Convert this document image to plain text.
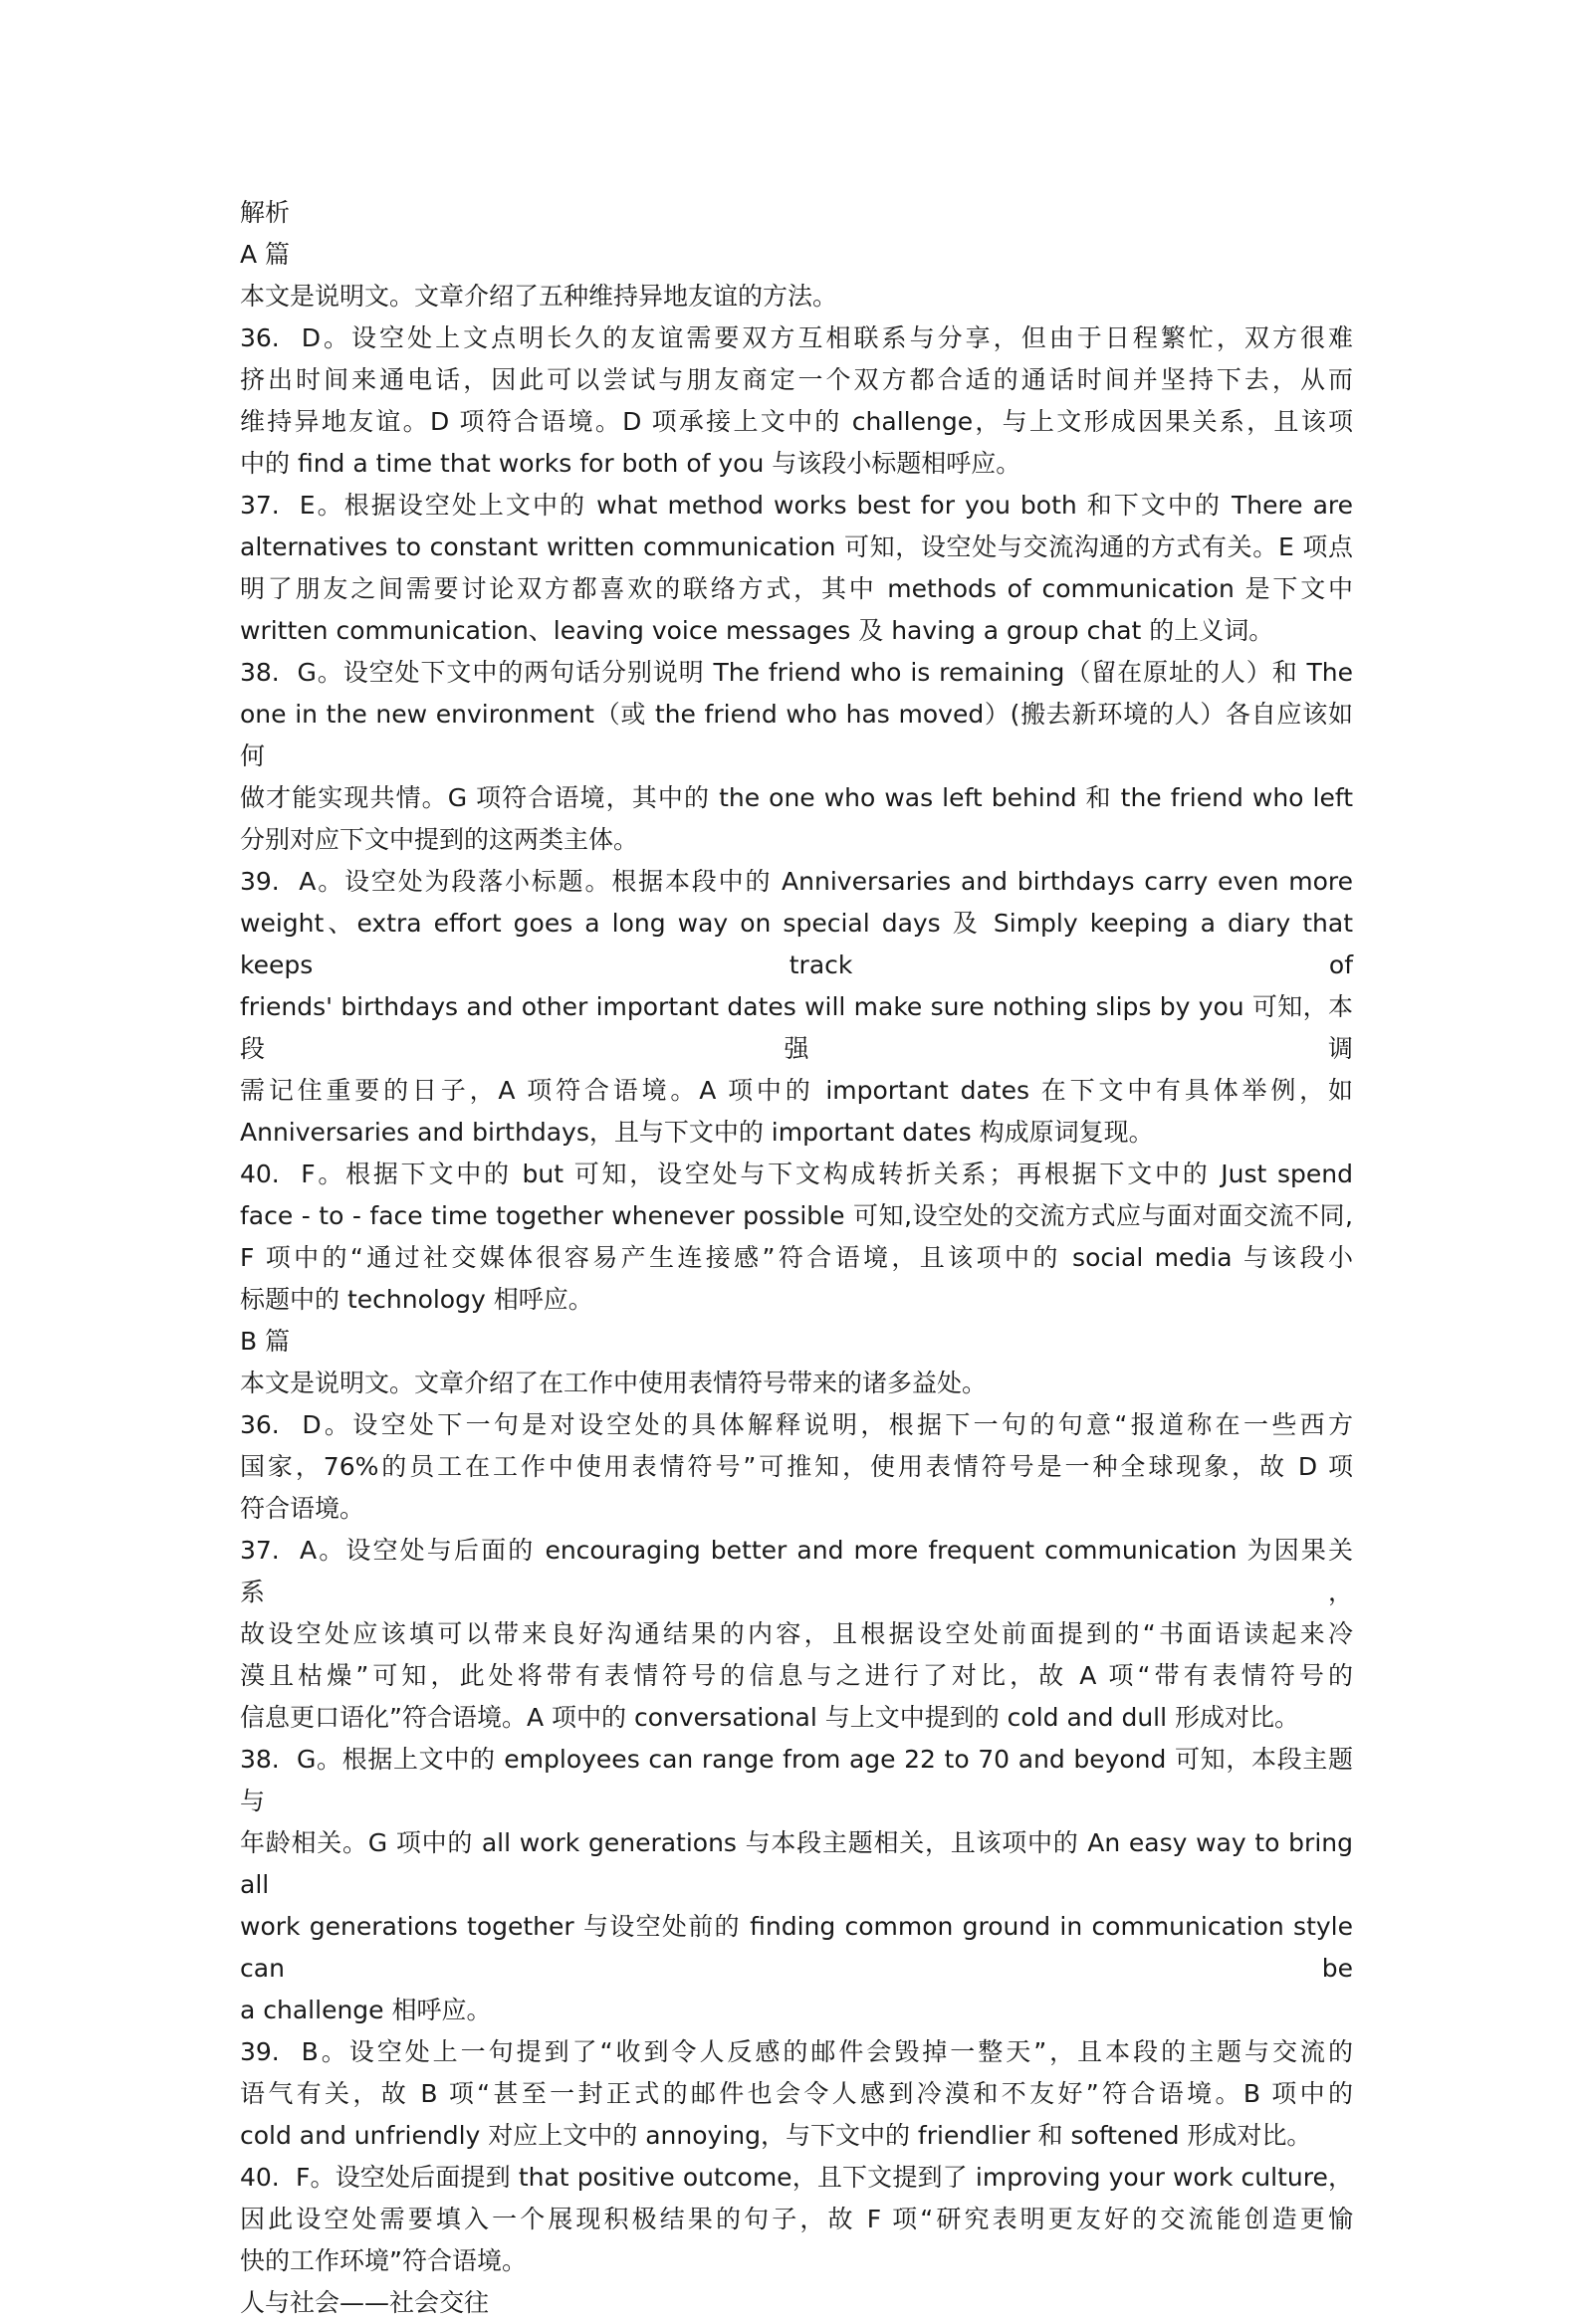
解析
A 篇
本文是说明文。文章介绍了五种维持异地友谊的方法。
36.  D。设空处上文点明长久的友谊需要双方互相联系与分享，但由于日程繁忙，双方很难
挤出时间来通电话，因此可以尝试与朋友商定一个双方都合适的通话时间并坚持下去，从而
维持异地友谊。D 项符合语境。D 项承接上文中的 challenge，与上文形成因果关系，且该项
中的 find a time that works for both of you 与该段小标题相呼应。
37.  E。根据设空处上文中的 what method works best for you both 和下文中的 There are
alternatives to constant written communication 可知，设空处与交流沟通的方式有关。E 项点
明了朋友之间需要讨论双方都喜欢的联络方式，其中 methods of communication 是下文中
written communication、leaving voice messages 及 having a group chat 的上义词。
38.  G。设空处下文中的两句话分别说明 The friend who is remaining（留在原址的人）和 The
one in the new environment（或 the friend who has moved）(搬去新环境的人）各自应该如何
做才能实现共情。G 项符合语境，其中的 the one who was left behind 和 the friend who left
分别对应下文中提到的这两类主体。
39.  A。设空处为段落小标题。根据本段中的 Anniversaries and birthdays carry even more
weight、extra effort goes a long way on special days 及 Simply keeping a diary that keeps track of
friends' birthdays and other important dates will make sure nothing slips by you 可知，本段强调
需记住重要的日子，A 项符合语境。A 项中的 important dates 在下文中有具体举例，如
Anniversaries and birthdays，且与下文中的 important dates 构成原词复现。
40.  F。根据下文中的 but 可知，设空处与下文构成转折关系；再根据下文中的 Just spend
face - to - face time together whenever possible 可知,设空处的交流方式应与面对面交流不同,
F 项中的“通过社交媒体很容易产生连接感”符合语境，且该项中的 social media 与该段小
标题中的 technology 相呼应。
B 篇
本文是说明文。文章介绍了在工作中使用表情符号带来的诸多益处。
36.  D。设空处下一句是对设空处的具体解释说明，根据下一句的句意“报道称在一些西方
国家，76%的员工在工作中使用表情符号”可推知，使用表情符号是一种全球现象，故 D 项
符合语境。
37.  A。设空处与后面的 encouraging better and more frequent communication 为因果关系，
故设空处应该填可以带来良好沟通结果的内容，且根据设空处前面提到的“书面语读起来冷
漠且枯燥”可知，此处将带有表情符号的信息与之进行了对比，故 A 项“带有表情符号的
信息更口语化”符合语境。A 项中的 conversational 与上文中提到的 cold and dull 形成对比。
38.  G。根据上文中的 employees can range from age 22 to 70 and beyond 可知，本段主题与
年龄相关。G 项中的 all work generations 与本段主题相关，且该项中的 An easy way to bring all
work generations together 与设空处前的 finding common ground in communication style can be
a challenge 相呼应。
39.  B。设空处上一句提到了“收到令人反感的邮件会毁掉一整天”，且本段的主题与交流的
语气有关，故 B 项“甚至一封正式的邮件也会令人感到冷漠和不友好”符合语境。B 项中的
cold and unfriendly 对应上文中的 annoying，与下文中的 friendlier 和 softened 形成对比。
40.  F。设空处后面提到 that positive outcome，且下文提到了 improving your work culture，
因此设空处需要填入一个展现积极结果的句子，故 F 项“研究表明更友好的交流能创造更愉
快的工作环境”符合语境。
人与社会——社会交往
